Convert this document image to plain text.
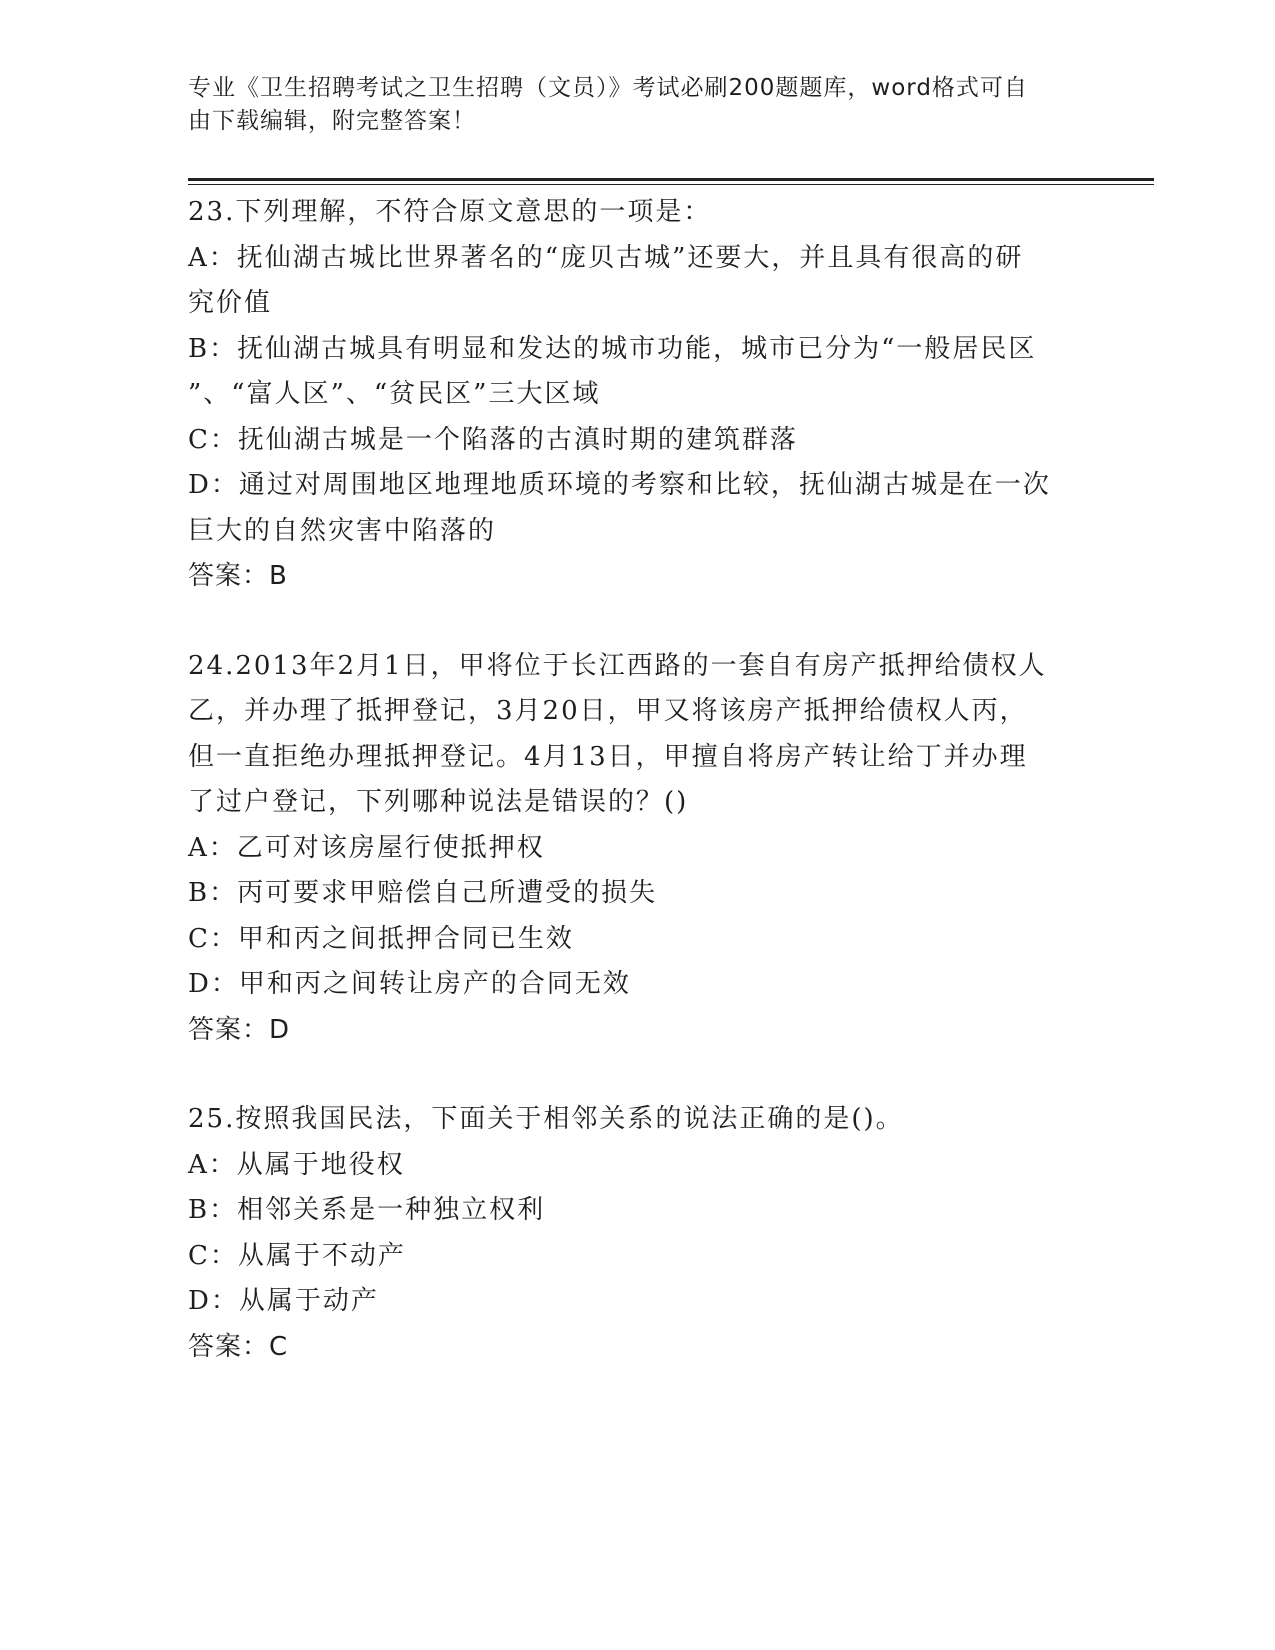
专业《卫生招聘考试之卫生招聘（文员）》考试必刷200题题库，word格式可自
由下载编辑，附完整答案！
23.下列理解，不符合原文意思的一项是：
A：抚仙湖古城比世界著名的“庞贝古城”还要大，并且具有很高的研
究价值
B：抚仙湖古城具有明显和发达的城市功能，城市已分为“一般居民区
”、“富人区”、“贫民区”三大区域
C：抚仙湖古城是一个陷落的古滇时期的建筑群落
D：通过对周围地区地理地质环境的考察和比较，抚仙湖古城是在一次
巨大的自然灾害中陷落的
答案：B
24.2013年2月1日，甲将位于长江西路的一套自有房产抵押给债权人
乙，并办理了抵押登记，3月20日，甲又将该房产抵押给债权人丙，
但一直拒绝办理抵押登记。4月13日，甲擅自将房产转让给丁并办理
了过户登记，下列哪种说法是错误的？()
A：乙可对该房屋行使抵押权
B：丙可要求甲赔偿自己所遭受的损失
C：甲和丙之间抵押合同已生效
D：甲和丙之间转让房产的合同无效
答案：D
25.按照我国民法，下面关于相邻关系的说法正确的是()。
A：从属于地役权
B：相邻关系是一种独立权利
C：从属于不动产
D：从属于动产
答案：C
